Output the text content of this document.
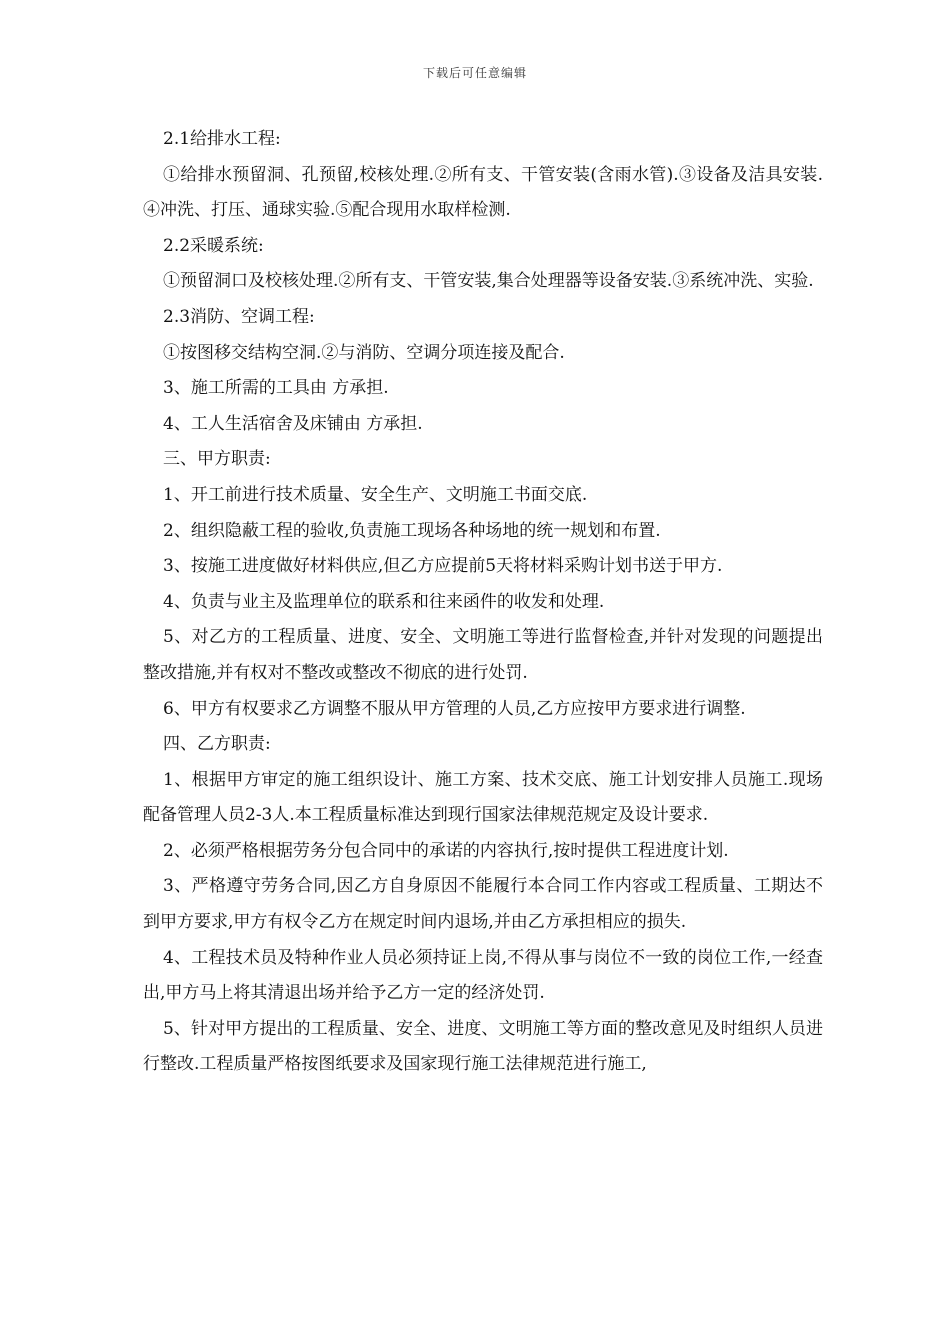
下载后可任意编辑

2.1给排水工程:

①给排水预留洞、孔预留,校核处理.②所有支、干管安装(含雨水管).③设备及洁具安装.④冲洗、打压、通球实验.⑤配合现用水取样检测.

2.2采暖系统:

①预留洞口及校核处理.②所有支、干管安装,集合处理器等设备安装.③系统冲洗、实验.

2.3消防、空调工程:

①按图移交结构空洞.②与消防、空调分项连接及配合.

3、施工所需的工具由 方承担.

4、工人生活宿舍及床铺由 方承担.

三、甲方职责:

1、开工前进行技术质量、安全生产、文明施工书面交底.

2、组织隐蔽工程的验收,负责施工现场各种场地的统一规划和布置.

3、按施工进度做好材料供应,但乙方应提前5天将材料采购计划书送于甲方.

4、负责与业主及监理单位的联系和往来函件的收发和处理.

5、对乙方的工程质量、进度、安全、文明施工等进行监督检查,并针对发现的问题提出整改措施,并有权对不整改或整改不彻底的进行处罚.

6、甲方有权要求乙方调整不服从甲方管理的人员,乙方应按甲方要求进行调整.

四、乙方职责:

1、根据甲方审定的施工组织设计、施工方案、技术交底、施工计划安排人员施工.现场配备管理人员2-3人.本工程质量标准达到现行国家法律规范规定及设计要求.

2、必须严格根据劳务分包合同中的承诺的内容执行,按时提供工程进度计划.

3、严格遵守劳务合同,因乙方自身原因不能履行本合同工作内容或工程质量、工期达不到甲方要求,甲方有权令乙方在规定时间内退场,并由乙方承担相应的损失.

4、工程技术员及特种作业人员必须持证上岗,不得从事与岗位不一致的岗位工作,一经查出,甲方马上将其清退出场并给予乙方一定的经济处罚.

5、针对甲方提出的工程质量、安全、进度、文明施工等方面的整改意见及时组织人员进行整改.工程质量严格按图纸要求及国家现行施工法律规范进行施工,
